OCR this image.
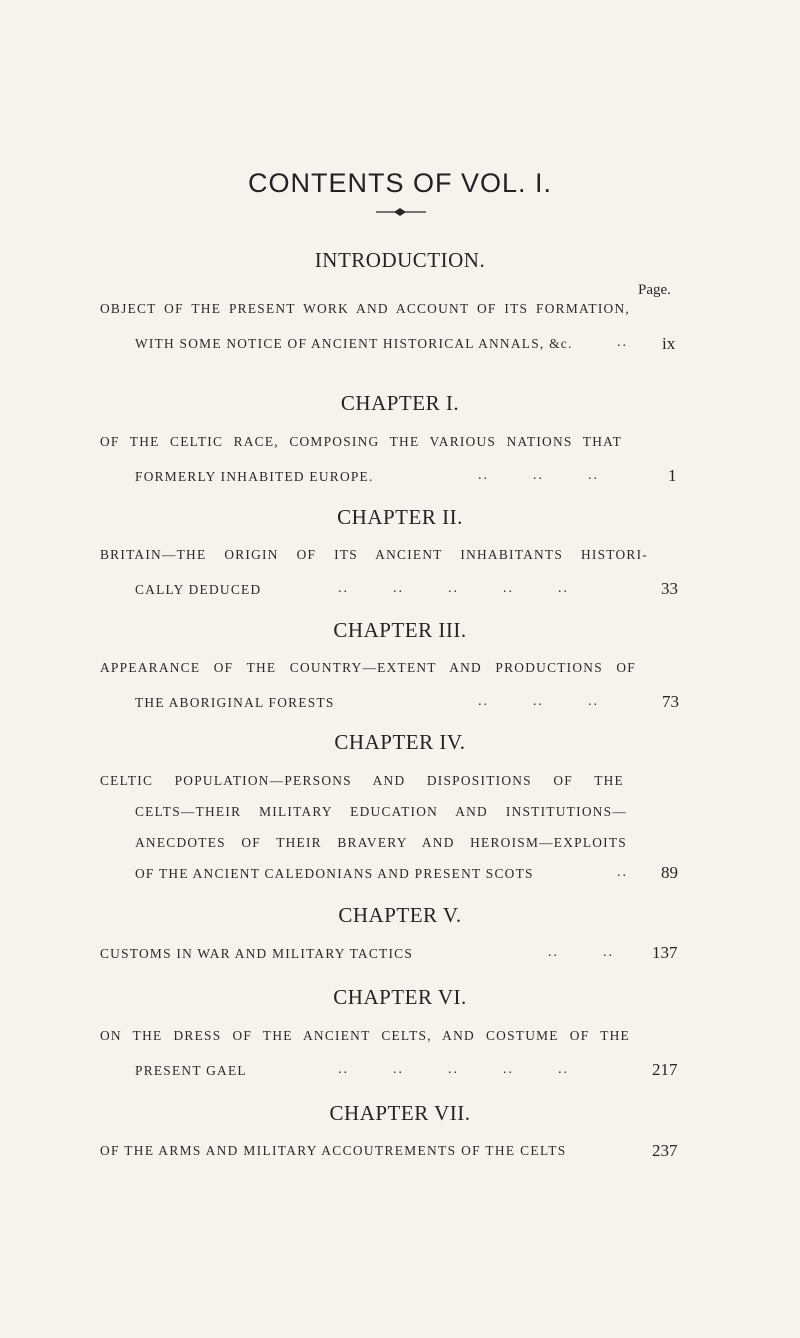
CONTENTS OF VOL. I.
INTRODUCTION.
Page.
OBJECT OF THE PRESENT WORK AND ACCOUNT OF ITS FORMATION,
WITH SOME NOTICE OF ANCIENT HISTORICAL ANNALS, &c.	.. ix
CHAPTER I.
OF THE CELTIC RACE, COMPOSING THE VARIOUS NATIONS THAT
FORMERLY INHABITED EUROPE.	..        ..        ..	1
CHAPTER II.
BRITAIN—THE ORIGIN OF ITS ANCIENT INHABITANTS HISTORI-
CALLY DEDUCED	..        ..        ..        ..        ..	33
CHAPTER III.
APPEARANCE OF THE COUNTRY—EXTENT AND PRODUCTIONS OF
THE ABORIGINAL FORESTS	..        ..        ..	73
CHAPTER IV.
CELTIC POPULATION—PERSONS AND DISPOSITIONS OF THE
CELTS—THEIR MILITARY EDUCATION AND INSTITUTIONS—
ANECDOTES OF THEIR BRAVERY AND HEROISM—EXPLOITS
OF THE ANCIENT CALEDONIANS AND PRESENT SCOTS	.. 89
CHAPTER V.
CUSTOMS IN WAR AND MILITARY TACTICS	..        .. 137
CHAPTER VI.
ON THE DRESS OF THE ANCIENT CELTS, AND COSTUME OF THE
PRESENT GAEL	..        ..        ..        ..        ..	217
CHAPTER VII.
OF THE ARMS AND MILITARY ACCOUTREMENTS OF THE CELTS	237
